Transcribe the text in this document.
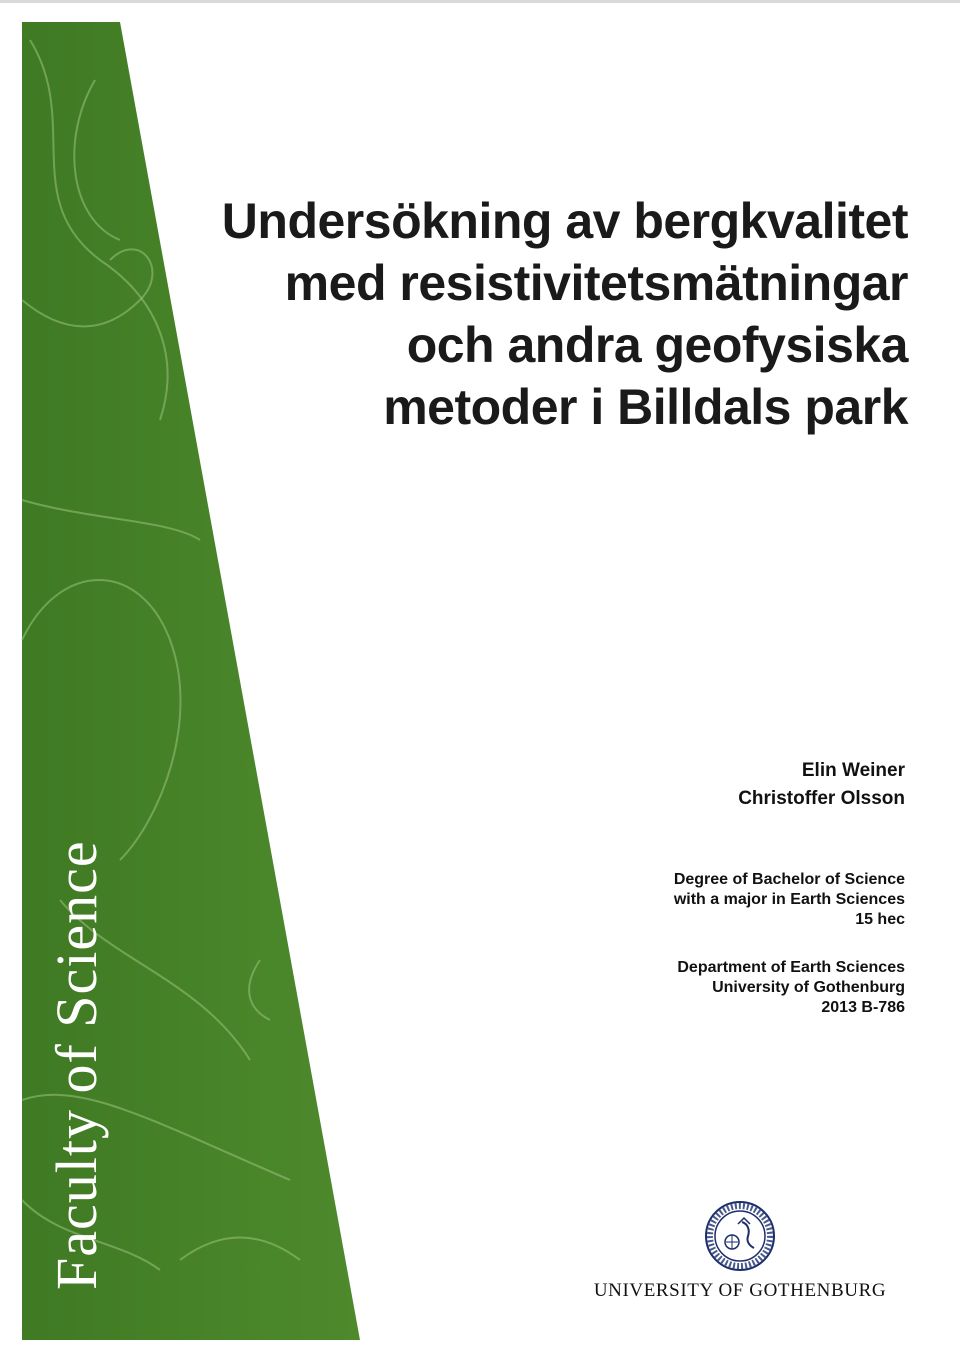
Faculty of Science
Undersökning av bergkvalitet
med resistivitetsmätningar
och andra geofysiska
metoder i Billdals park
Elin Weiner
Christoffer Olsson
Degree of Bachelor of Science
with a major in Earth Sciences
15 hec
Department of Earth Sciences
University of Gothenburg
2013 B-786
UNIVERSITY OF GOTHENBURG
